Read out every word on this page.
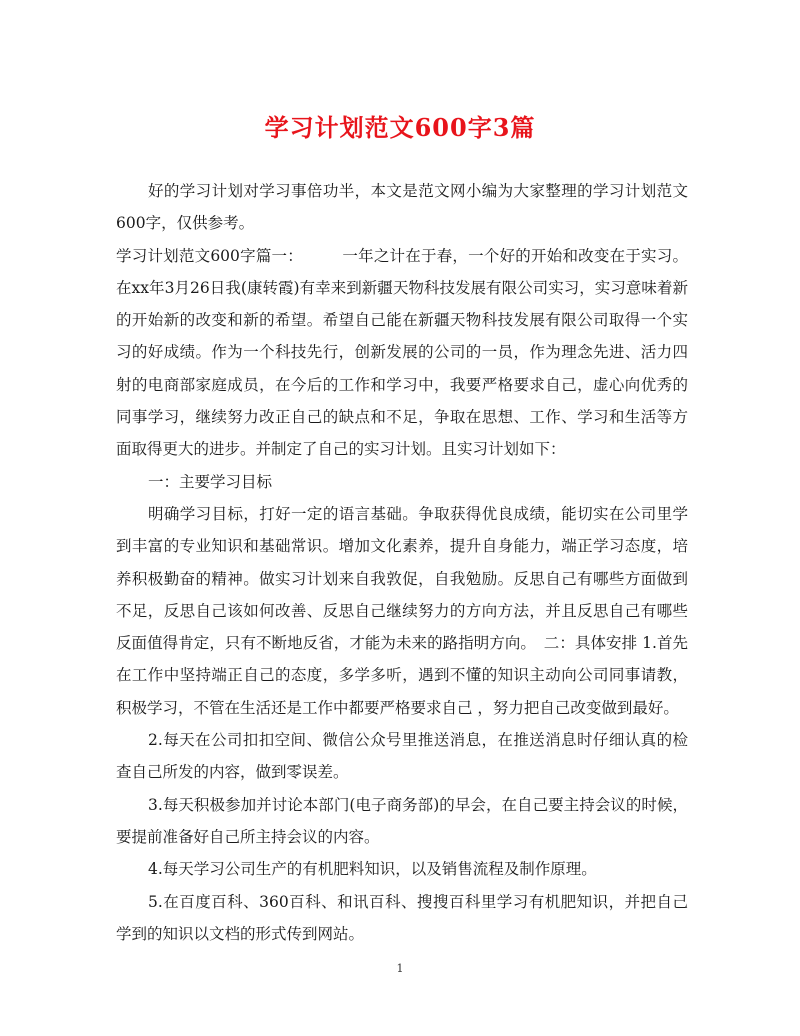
学习计划范文600字3篇

好的学习计划对学习事倍功半，本文是范文网小编为大家整理的学习计划范文600字，仅供参考。

学习计划范文600字篇一：　　　一年之计在于春，一个好的开始和改变在于实习。在xx年3月26日我(康转霞)有幸来到新疆天物科技发展有限公司实习，实习意味着新的开始新的改变和新的希望。希望自己能在新疆天物科技发展有限公司取得一个实习的好成绩。作为一个科技先行，创新发展的公司的一员，作为理念先进、活力四射的电商部家庭成员，在今后的工作和学习中，我要严格要求自己，虚心向优秀的同事学习，继续努力改正自己的缺点和不足，争取在思想、工作、学习和生活等方面取得更大的进步。并制定了自己的实习计划。且实习计划如下：

一：主要学习目标

明确学习目标，打好一定的语言基础。争取获得优良成绩，能切实在公司里学到丰富的专业知识和基础常识。增加文化素养，提升自身能力，端正学习态度，培养积极勤奋的精神。做实习计划来自我敦促，自我勉励。反思自己有哪些方面做到不足，反思自己该如何改善、反思自己继续努力的方向方法，并且反思自己有哪些反面值得肯定，只有不断地反省，才能为未来的路指明方向。　二：具体安排 1.首先在工作中坚持端正自己的态度，多学多听，遇到不懂的知识主动向公司同事请教，积极学习，不管在生活还是工作中都要严格要求自己 ，努力把自己改变做到最好。

2.每天在公司扣扣空间、微信公众号里推送消息，在推送消息时仔细认真的检查自己所发的内容，做到零误差。

3.每天积极参加并讨论本部门(电子商务部)的早会，在自己要主持会议的时候，要提前准备好自己所主持会议的内容。

4.每天学习公司生产的有机肥料知识，以及销售流程及制作原理。

5.在百度百科、360百科、和讯百科、搜搜百科里学习有机肥知识，并把自己学到的知识以文档的形式传到网站。

1
